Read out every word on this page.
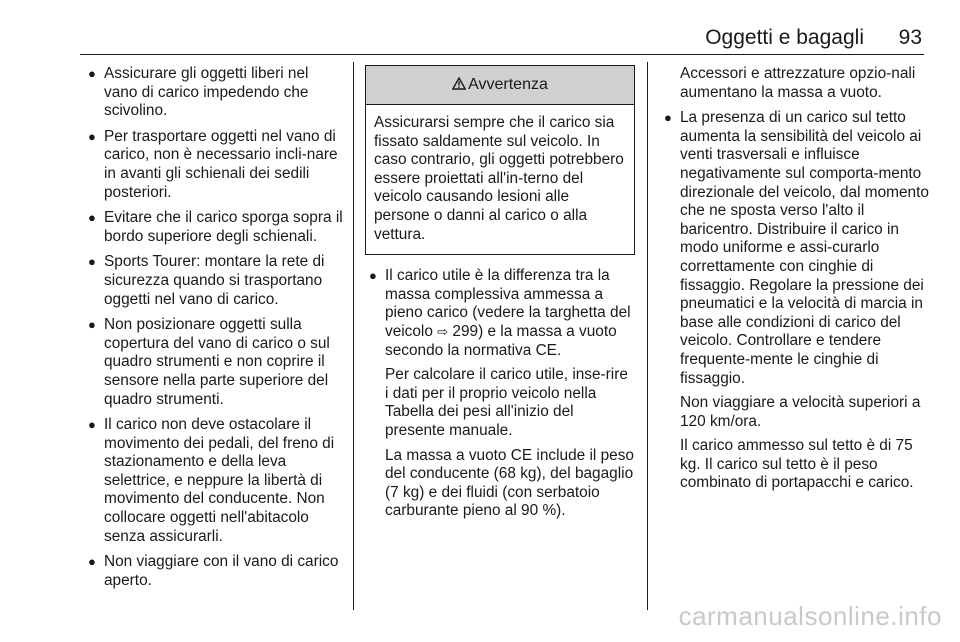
Oggetti e bagagli 93
● Assicurare gli oggetti liberi nel vano di carico impedendo che scivolino.
● Per trasportare oggetti nel vano di carico, non è necessario incli-nare in avanti gli schienali dei sedili posteriori.
● Evitare che il carico sporga sopra il bordo superiore degli schienali.
● Sports Tourer: montare la rete di sicurezza quando si trasportano oggetti nel vano di carico.
● Non posizionare oggetti sulla copertura del vano di carico o sul quadro strumenti e non coprire il sensore nella parte superiore del quadro strumenti.
● Il carico non deve ostacolare il movimento dei pedali, del freno di stazionamento e della leva selettrice, e neppure la libertà di movimento del conducente. Non collocare oggetti nell'abitacolo senza assicurarli.
● Non viaggiare con il vano di carico aperto.
Avvertenza
Assicurarsi sempre che il carico sia fissato saldamente sul veicolo. In caso contrario, gli oggetti potrebbero essere proiettati all'in-terno del veicolo causando lesioni alle persone o danni al carico o alla vettura.
● Il carico utile è la differenza tra la massa complessiva ammessa a pieno carico (vedere la targhetta del veicolo ⇨ 299) e la massa a vuoto secondo la normativa CE.
Per calcolare il carico utile, inse-rire i dati per il proprio veicolo nella Tabella dei pesi all'inizio del presente manuale.
La massa a vuoto CE include il peso del conducente (68 kg), del bagaglio (7 kg) e dei fluidi (con serbatoio carburante pieno al 90 %).

Accessori e attrezzature opzio-nali aumentano la massa a vuoto.

● La presenza di un carico sul tetto aumenta la sensibilità del veicolo ai venti trasversali e influisce negativamente sul comporta-mento direzionale del veicolo, dal momento che ne sposta verso l'alto il baricentro. Distribuire il carico in modo uniforme e assi-curarlo correttamente con cinghie di fissaggio. Regolare la pressione dei pneumatici e la velocità di marcia in base alle condizioni di carico del veicolo. Controllare e tendere frequente-mente le cinghie di fissaggio.
Non viaggiare a velocità superiori a 120 km/ora.
Il carico ammesso sul tetto è di 75 kg. Il carico sul tetto è il peso combinato di portapacchi e carico.
carmanualsonline.info
